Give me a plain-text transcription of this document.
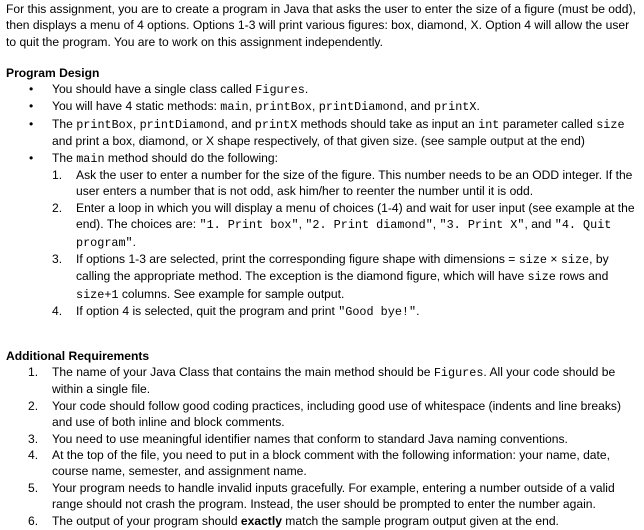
For this assignment, you are to create a program in Java that asks the user to enter the size of a figure (must be odd), then displays a menu of 4 options. Options 1-3 will print various figures: box, diamond, X. Option 4 will allow the user to quit the program. You are to work on this assignment independently.
Program Design
• You should have a single class called Figures.
• You will have 4 static methods: main, printBox, printDiamond, and printX.
• The printBox, printDiamond, and printX methods should take as input an int parameter called size and print a box, diamond, or X shape respectively, of that given size. (see sample output at the end)
• The main method should do the following:
1. Ask the user to enter a number for the size of the figure. This number needs to be an ODD integer. If the user enters a number that is not odd, ask him/her to reenter the number until it is odd.
2. Enter a loop in which you will display a menu of choices (1-4) and wait for user input (see example at the end). The choices are: "1. Print box", "2. Print diamond", "3. Print X", and "4. Quit program".
3. If options 1-3 are selected, print the corresponding figure shape with dimensions = size × size, by calling the appropriate method. The exception is the diamond figure, which will have size rows and size+1 columns. See example for sample output.
4. If option 4 is selected, quit the program and print "Good bye!".
Additional Requirements
1. The name of your Java Class that contains the main method should be Figures. All your code should be within a single file.
2. Your code should follow good coding practices, including good use of whitespace (indents and line breaks) and use of both inline and block comments.
3. You need to use meaningful identifier names that conform to standard Java naming conventions.
4. At the top of the file, you need to put in a block comment with the following information: your name, date, course name, semester, and assignment name.
5. Your program needs to handle invalid inputs gracefully. For example, entering a number outside of a valid range should not crash the program. Instead, the user should be prompted to enter the number again.
6. The output of your program should exactly match the sample program output given at the end.
